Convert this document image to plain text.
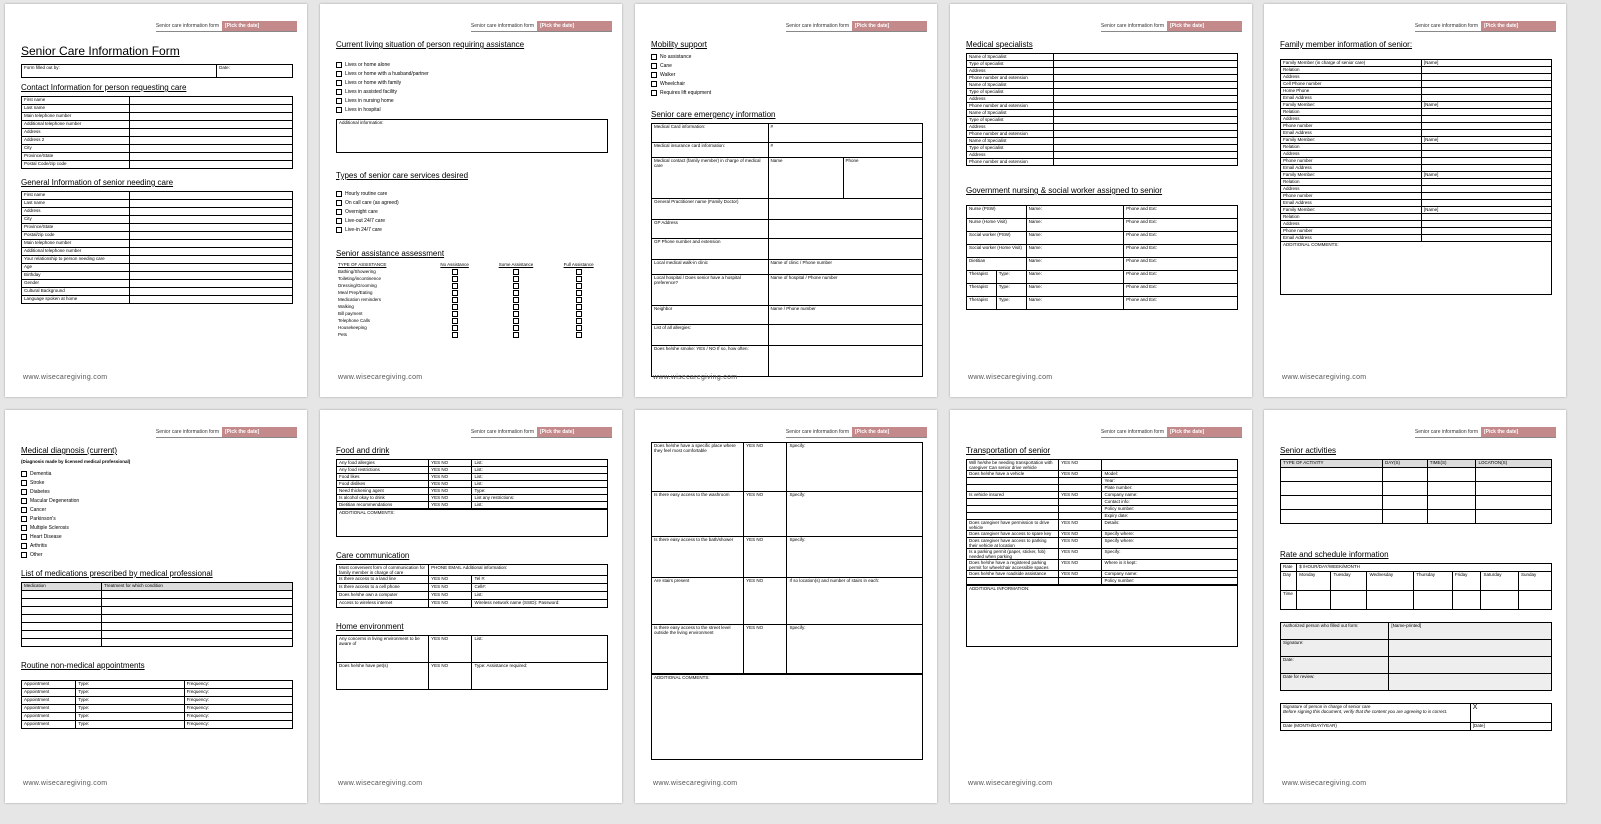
Senior care information form	[Pick the date]
Senior Care Information Form
Form filled out by:	Date:
Contact Information for person requesting care
First name	
Last name	
Main telephone number	
Additional telephone number	
Address	
Address 2	
City	
Province/State	
Postal Code/zip code	
General Information of senior needing care
First name	
Last name	
Address	
City	
Province/State	
Postal/zip code	
Main telephone number	
Additional telephone number	
Your relationship to person needing care	
Age	
Birthday	
Gender	
Cultural Background	
Language spoken at home	
www.wisecaregiving.com
Senior care information form	[Pick the date]
Current living situation of person requiring assistance
Lives or home alone
Lives or home with a husband/partner
Lives or home with family
Lives in assisted facility
Lives in nursing home
Lives in hospital
Additional information:
Types of senior care services desired
Hourly routine care
On call care (as agreed)
Overnight care
Live-out 24/7 care
Live-in 24/7 care
Senior assistance assessment
TYPE OF ASSISTANCE	No Assistance	Some Assistance	Full Assistance
Bathing/Showering			
Toileting/incontinence			
Dressing/Grooming			
Meal Prep/Eating			
Medication reminders			
Walking			
Bill payment			
Telephone Calls			
Housekeeping			
Pets			
www.wisecaregiving.com
Senior care information form	[Pick the date]
Mobility support
No assistance
Cane
Walker
Wheelchair
Requires lift equipment
Senior care emergency information
Medical Card information:	#	
Medical insurance card information:	#	
Medical contact (family member) in charge of medical care	Name	Phone
General Practitioner name (Family Doctor)		
GP Address		
GP Phone number and extension		
Local medical walk-in clinic	Name of clinic / Phone number	
Local hospital / Does senior have a hospital preference?	Name of hospital / Phone number	
Neighbor	Name / Phone number	
List of all allergies:		
Does he/she smoke: YES / NO If so, how often:		
www.wisecaregiving.com
Senior care information form	[Pick the date]
Medical specialists
Name of Specialist	
Type of specialist	
Address	
Phone number and extension	
Name of Specialist	
Type of specialist	
Address	
Phone number and extension	
Name of Specialist	
Type of specialist	
Address	
Phone number and extension	
Name of Specialist	
Type of specialist	
Address	
Phone number and extension	
Government nursing & social worker assigned to senior
Nurse (PSW)		Name:	Phone and Ext:
Nurse (Home Visit)		Name:	Phone and Ext:
Social worker (PSW)		Name:	Phone and Ext:
Social worker (Home Visit)		Name:	Phone and Ext:
Dietitian		Name:	Phone and Ext:
Therapist	Type:	Name:	Phone and Ext:
Therapist	Type:	Name:	Phone and Ext:
Therapist	Type:	Name:	Phone and Ext:
www.wisecaregiving.com
Senior care information form	[Pick the date]
Family member information of senior:
Family Member (in charge of senior care)	[Name]
Relation	
Address	
Cell Phone number	
Home Phone	
Email Address	
Family Member:	[Name]
Relation	
Address	
Phone number	
Email Address	
Family Member:	[Name]
Relation	
Address	
Phone number	
Email Address	
Family Member:	[Name]
Relation	
Address	
Phone number	
Email Address	
Family Member:	[Name]
Relation	
Address	
Phone number	
Email Address	
ADDITIONAL COMMENTS:	
www.wisecaregiving.com
Senior care information form	[Pick the date]
Medical diagnosis (current)
(Diagnosis made by licensed medical professional)
Dementia
Stroke
Diabetes
Macular Degeneration
Cancer
Parkinson's
Multiple Sclerosis
Heart Disease
Arthritis
Other
List of medications prescribed by medical professional
Medication	Treatment for which condition

Routine non-medical appointments
Appointment	Type:	Frequency:
Appointment	Type:	Frequency:
Appointment	Type:	Frequency:
Appointment	Type:	Frequency:
Appointment	Type:	Frequency:
Appointment	Type:	Frequency:
www.wisecaregiving.com
Senior care information form	[Pick the date]
Food and drink
Any food allergies	YES NO	List:
Any food restrictions	YES NO	List:
Food likes	YES NO	List:
Food dislikes	YES NO	List:
Need thickening agent	YES NO	Type:
Is alcohol okay to drink	YES NO	List any restrictions:
Dietitian recommendations	YES NO	List:
ADDITIONAL COMMENTS:
Care communication
Most convenient form of communication for family member in charge of care	PHONE EMAIL Additional information:	
Is there access to a land line	YES NO	Tel #:
Is there access to a cell phone	YES NO	Cell#:
Does he/she own a computer	YES NO	List:
Access to wireless internet	YES NO	Wireless network name (SSID): Password:
Home environment
Any concerns in living environment to be aware of	YES NO	List:
Does he/she have pet(s)	YES NO	Type: Assistance required:
www.wisecaregiving.com
Senior care information form	[Pick the date]
Does he/she have a specific place where they feel most comfortable	YES NO	Specify:
Is there easy access to the washroom	YES NO	Specify:
Is there easy access to the bath/shower	YES NO	Specify:
Are stairs present	YES NO	If so location(s) and number of stairs in each:
Is there easy access to the street level outside the living environment	YES NO	Specify:
ADDITIONAL COMMENTS:
www.wisecaregiving.com
Senior care information form	[Pick the date]
Transportation of senior
Will he/she be needing transportation with caregiver Can senior drive vehicle	YES NO	
Does he/she have a vehicle	YES NO	Model:
		Year:
		Plate number:
Is vehicle insured	YES NO	Company name:
		Contact info:
		Policy number:
		Expiry date:
Does caregiver have permission to drive vehicle	YES NO	Details:
Does caregiver have access to spare key	YES NO	Specify where:
Does caregiver have access to parking their vehicle at location	YES NO	Specify where:
Is a parking permit (paper, sticker, fob) needed when parking	YES NO	Specify:
Does he/she have a registered parking permit for wheelchair accessible spaces	YES NO	Where is it kept:
Does he/she have roadside assistance	YES NO	Company name:
		Policy number:
ADDITIONAL INFORMATION:
www.wisecaregiving.com
Senior care information form	[Pick the date]
Senior activities
TYPE OF ACTIVITY	DAY(S)	TIME(S)	LOCATION(S)

Rate and schedule information
Rate	$ /HOUR/DAY/WEEK/MONTH						
Day	Monday	Tuesday	Wednesday	Thursday	Friday	Saturday	Sunday
Time							
Authorized person who filled out form:	[Name-printed]
Signature:	
Date:	
Date for review:	
Signature of person in charge of senior care
Before signing this document, verify that the content you are agreeing to is correct.	X
Date (MONTH/DAY/YEAR)	[Date]
www.wisecaregiving.com
